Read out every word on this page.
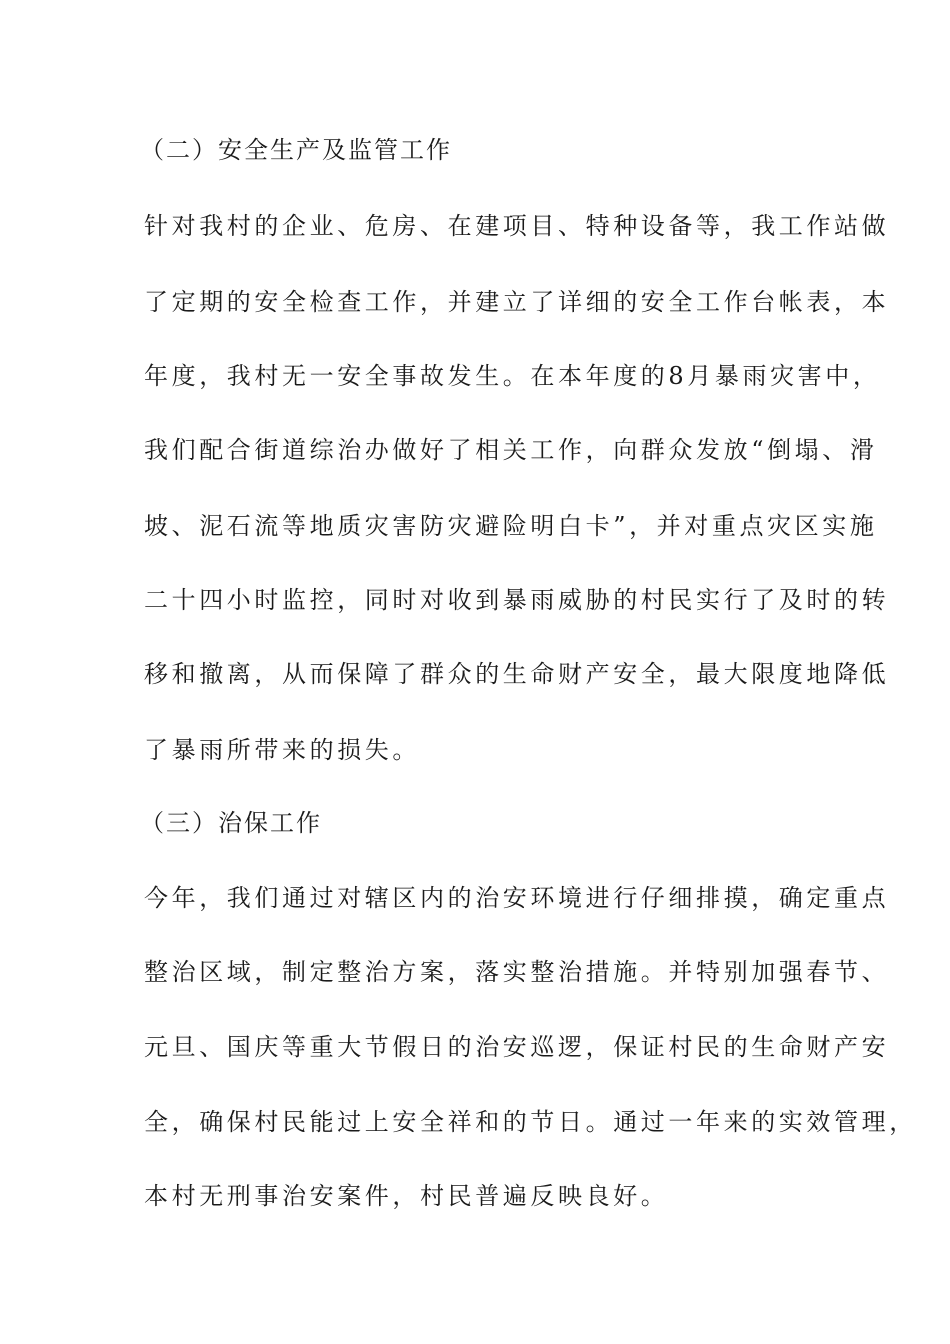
（二）安全生产及监管工作
针对我村的企业、危房、在建项目、特种设备等，我工作站做
了定期的安全检查工作，并建立了详细的安全工作台帐表，本
年度，我村无一安全事故发生。在本年度的8月暴雨灾害中，
我们配合街道综治办做好了相关工作，向群众发放“倒塌、滑
坡、泥石流等地质灾害防灾避险明白卡”，并对重点灾区实施
二十四小时监控，同时对收到暴雨威胁的村民实行了及时的转
移和撤离，从而保障了群众的生命财产安全，最大限度地降低
了暴雨所带来的损失。
（三）治保工作
今年，我们通过对辖区内的治安环境进行仔细排摸，确定重点
整治区域，制定整治方案，落实整治措施。并特别加强春节、
元旦、国庆等重大节假日的治安巡逻，保证村民的生命财产安
全，确保村民能过上安全祥和的节日。通过一年来的实效管理，
本村无刑事治安案件，村民普遍反映良好。
